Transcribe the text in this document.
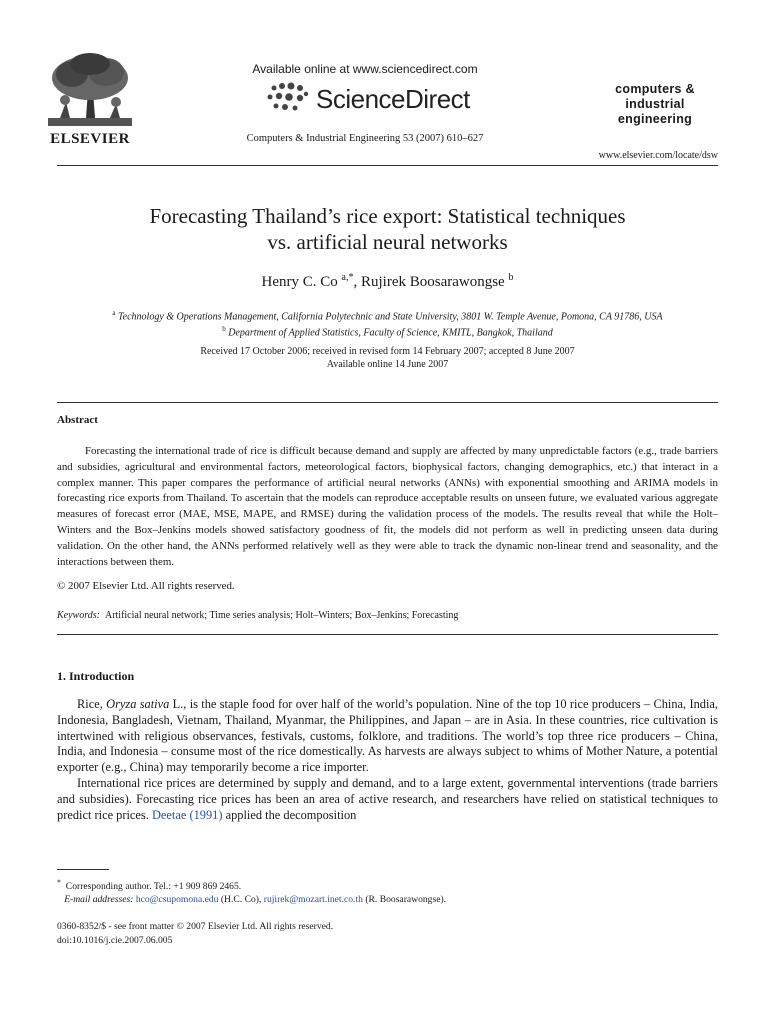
ELSEVIER
Available online at www.sciencedirect.com
ScienceDirect
Computers & Industrial Engineering 53 (2007) 610–627
computers &
industrial
engineering
www.elsevier.com/locate/dsw
Forecasting Thailand’s rice export: Statistical techniques
vs. artificial neural networks
Henry C. Co $^{a,*}$, Rujirek Boosarawongse $^b$
$^a$ Technology & Operations Management, California Polytechnic and State University, 3801 W. Temple Avenue, Pomona, CA 91786, USA
$^b$ Department of Applied Statistics, Faculty of Science, KMITL, Bangkok, Thailand
Received 17 October 2006; received in revised form 14 February 2007; accepted 8 June 2007
Available online 14 June 2007
Abstract
Forecasting the international trade of rice is difficult because demand and supply are affected by many unpredictable factors (e.g., trade barriers and subsidies, agricultural and environmental factors, meteorological factors, biophysical factors, changing demographics, etc.) that interact in a complex manner. This paper compares the performance of artificial neural networks (ANNs) with exponential smoothing and ARIMA models in forecasting rice exports from Thailand. To ascertain that the models can reproduce acceptable results on unseen future, we evaluated various aggregate measures of forecast error (MAE, MSE, MAPE, and RMSE) during the validation process of the models. The results reveal that while the Holt–Winters and the Box–Jenkins models showed satisfactory goodness of fit, the models did not perform as well in predicting unseen data during validation. On the other hand, the ANNs performed relatively well as they were able to track the dynamic non-linear trend and seasonality, and the interactions between them.
© 2007 Elsevier Ltd. All rights reserved.
Keywords: Artificial neural network; Time series analysis; Holt–Winters; Box–Jenkins; Forecasting
1. Introduction

Rice, Oryza sativa L., is the staple food for over half of the world’s population. Nine of the top 10 rice producers – China, India, Indonesia, Bangladesh, Vietnam, Thailand, Myanmar, the Philippines, and Japan – are in Asia. In these countries, rice cultivation is intertwined with religious observances, festivals, customs, folklore, and traditions. The world’s top three rice producers – China, India, and Indonesia – consume most of the rice domestically. As harvests are always subject to whims of Mother Nature, a potential exporter (e.g., China) may temporarily become a rice importer.

International rice prices are determined by supply and demand, and to a large extent, governmental interventions (trade barriers and subsidies). Forecasting rice prices has been an area of active research, and researchers have relied on statistical techniques to predict rice prices. Deetae (1991) applied the decomposition

* Corresponding author. Tel.: +1 909 869 2465.
E-mail addresses: hco@csupomona.edu (H.C. Co), rujirek@mozart.inet.co.th (R. Boosarawongse).
0360-8352/$ - see front matter © 2007 Elsevier Ltd. All rights reserved.
doi:10.1016/j.cie.2007.06.005
